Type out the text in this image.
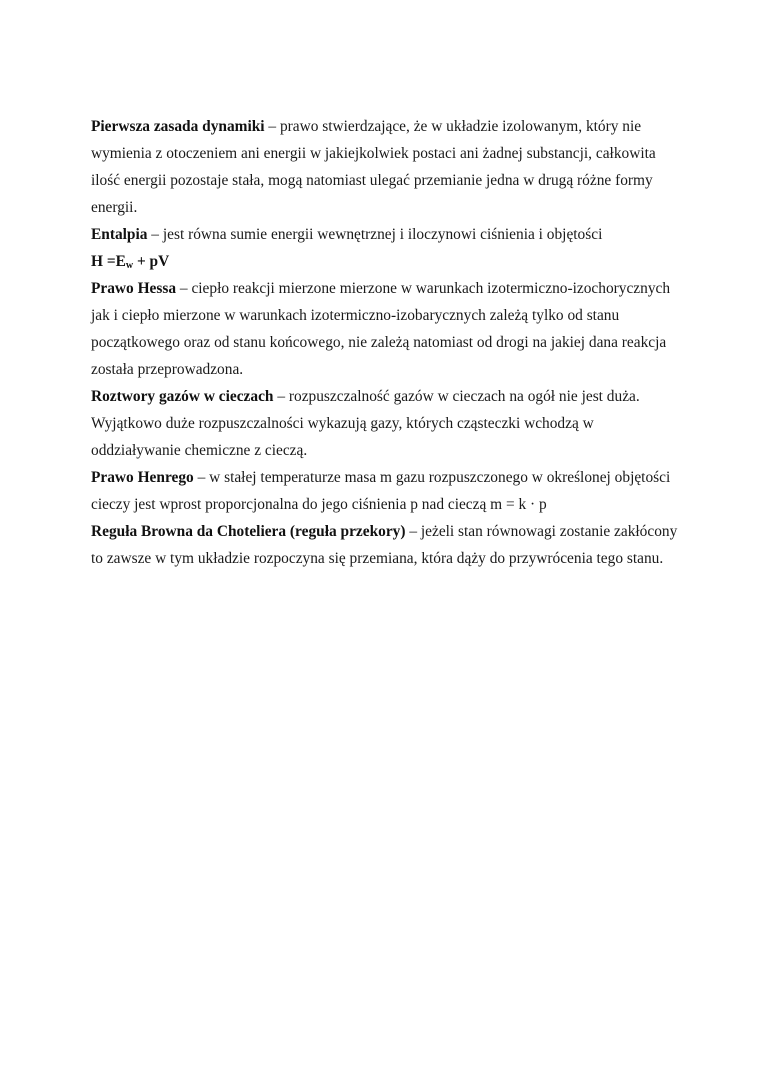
Pierwsza zasada dynamiki – prawo stwierdzające, że w układzie izolowanym, który nie wymienia z otoczeniem ani energii w jakiejkolwiek postaci ani żadnej substancji, całkowita ilość energii pozostaje stała, mogą natomiast ulegać przemianie jedna w drugą różne formy energii.

Entalpia – jest równa sumie energii wewnętrznej i iloczynowi ciśnienia i objętości

$H =E_w$ + pV

Prawo Hessa – ciepło reakcji mierzone mierzone w warunkach izotermiczno-izochorycznych jak i ciepło mierzone w warunkach izotermiczno-izobarycznych zależą tylko od stanu początkowego oraz od stanu końcowego, nie zależą natomiast od drogi na jakiej dana reakcja została przeprowadzona.

Roztwory gazów w cieczach – rozpuszczalność gazów w cieczach na ogół nie jest duża. Wyjątkowo duże rozpuszczalności wykazują gazy, których cząsteczki wchodzą w oddziaływanie chemiczne z cieczą.

Prawo Henrego – w stałej temperaturze masa m gazu rozpuszczonego w określonej objętości cieczy jest wprost proporcjonalna do jego ciśnienia p nad cieczą m = k · p

Reguła Browna da Choteliera (reguła przekory) – jeżeli stan równowagi zostanie zakłócony to zawsze w tym układzie rozpoczyna się przemiana, która dąży do przywrócenia tego stanu.
